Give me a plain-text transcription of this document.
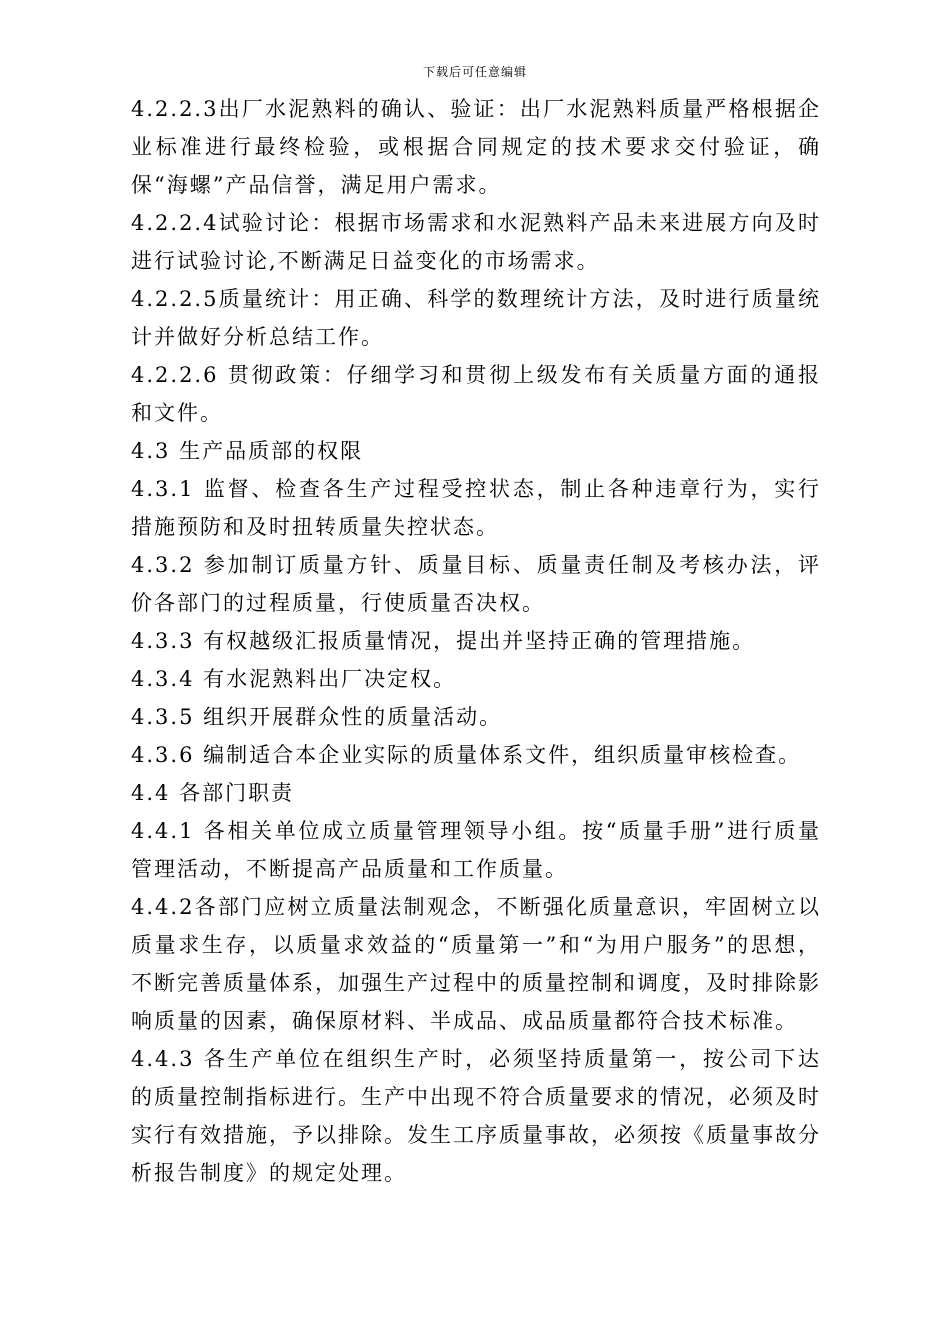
下载后可任意编辑

4.2.2.3出厂水泥熟料的确认、验证：出厂水泥熟料质量严格根据企业标准进行最终检验，或根据合同规定的技术要求交付验证，确保“海螺”产品信誉，满足用户需求。

4.2.2.4试验讨论：根据市场需求和水泥熟料产品未来进展方向及时进行试验讨论,不断满足日益变化的市场需求。

4.2.2.5质量统计：用正确、科学的数理统计方法，及时进行质量统计并做好分析总结工作。

4.2.2.6 贯彻政策：仔细学习和贯彻上级发布有关质量方面的通报和文件。

4.3 生产品质部的权限

4.3.1 监督、检查各生产过程受控状态，制止各种违章行为，实行措施预防和及时扭转质量失控状态。

4.3.2 参加制订质量方针、质量目标、质量责任制及考核办法，评价各部门的过程质量，行使质量否决权。

4.3.3 有权越级汇报质量情况，提出并坚持正确的管理措施。

4.3.4 有水泥熟料出厂决定权。

4.3.5 组织开展群众性的质量活动。

4.3.6 编制适合本企业实际的质量体系文件，组织质量审核检查。

4.4 各部门职责

4.4.1 各相关单位成立质量管理领导小组。按“质量手册”进行质量管理活动，不断提高产品质量和工作质量。

4.4.2各部门应树立质量法制观念，不断强化质量意识，牢固树立以质量求生存，以质量求效益的“质量第一”和“为用户服务”的思想，不断完善质量体系，加强生产过程中的质量控制和调度，及时排除影响质量的因素，确保原材料、半成品、成品质量都符合技术标准。

4.4.3 各生产单位在组织生产时，必须坚持质量第一，按公司下达的质量控制指标进行。生产中出现不符合质量要求的情况，必须及时实行有效措施，予以排除。发生工序质量事故，必须按《质量事故分析报告制度》的规定处理。
